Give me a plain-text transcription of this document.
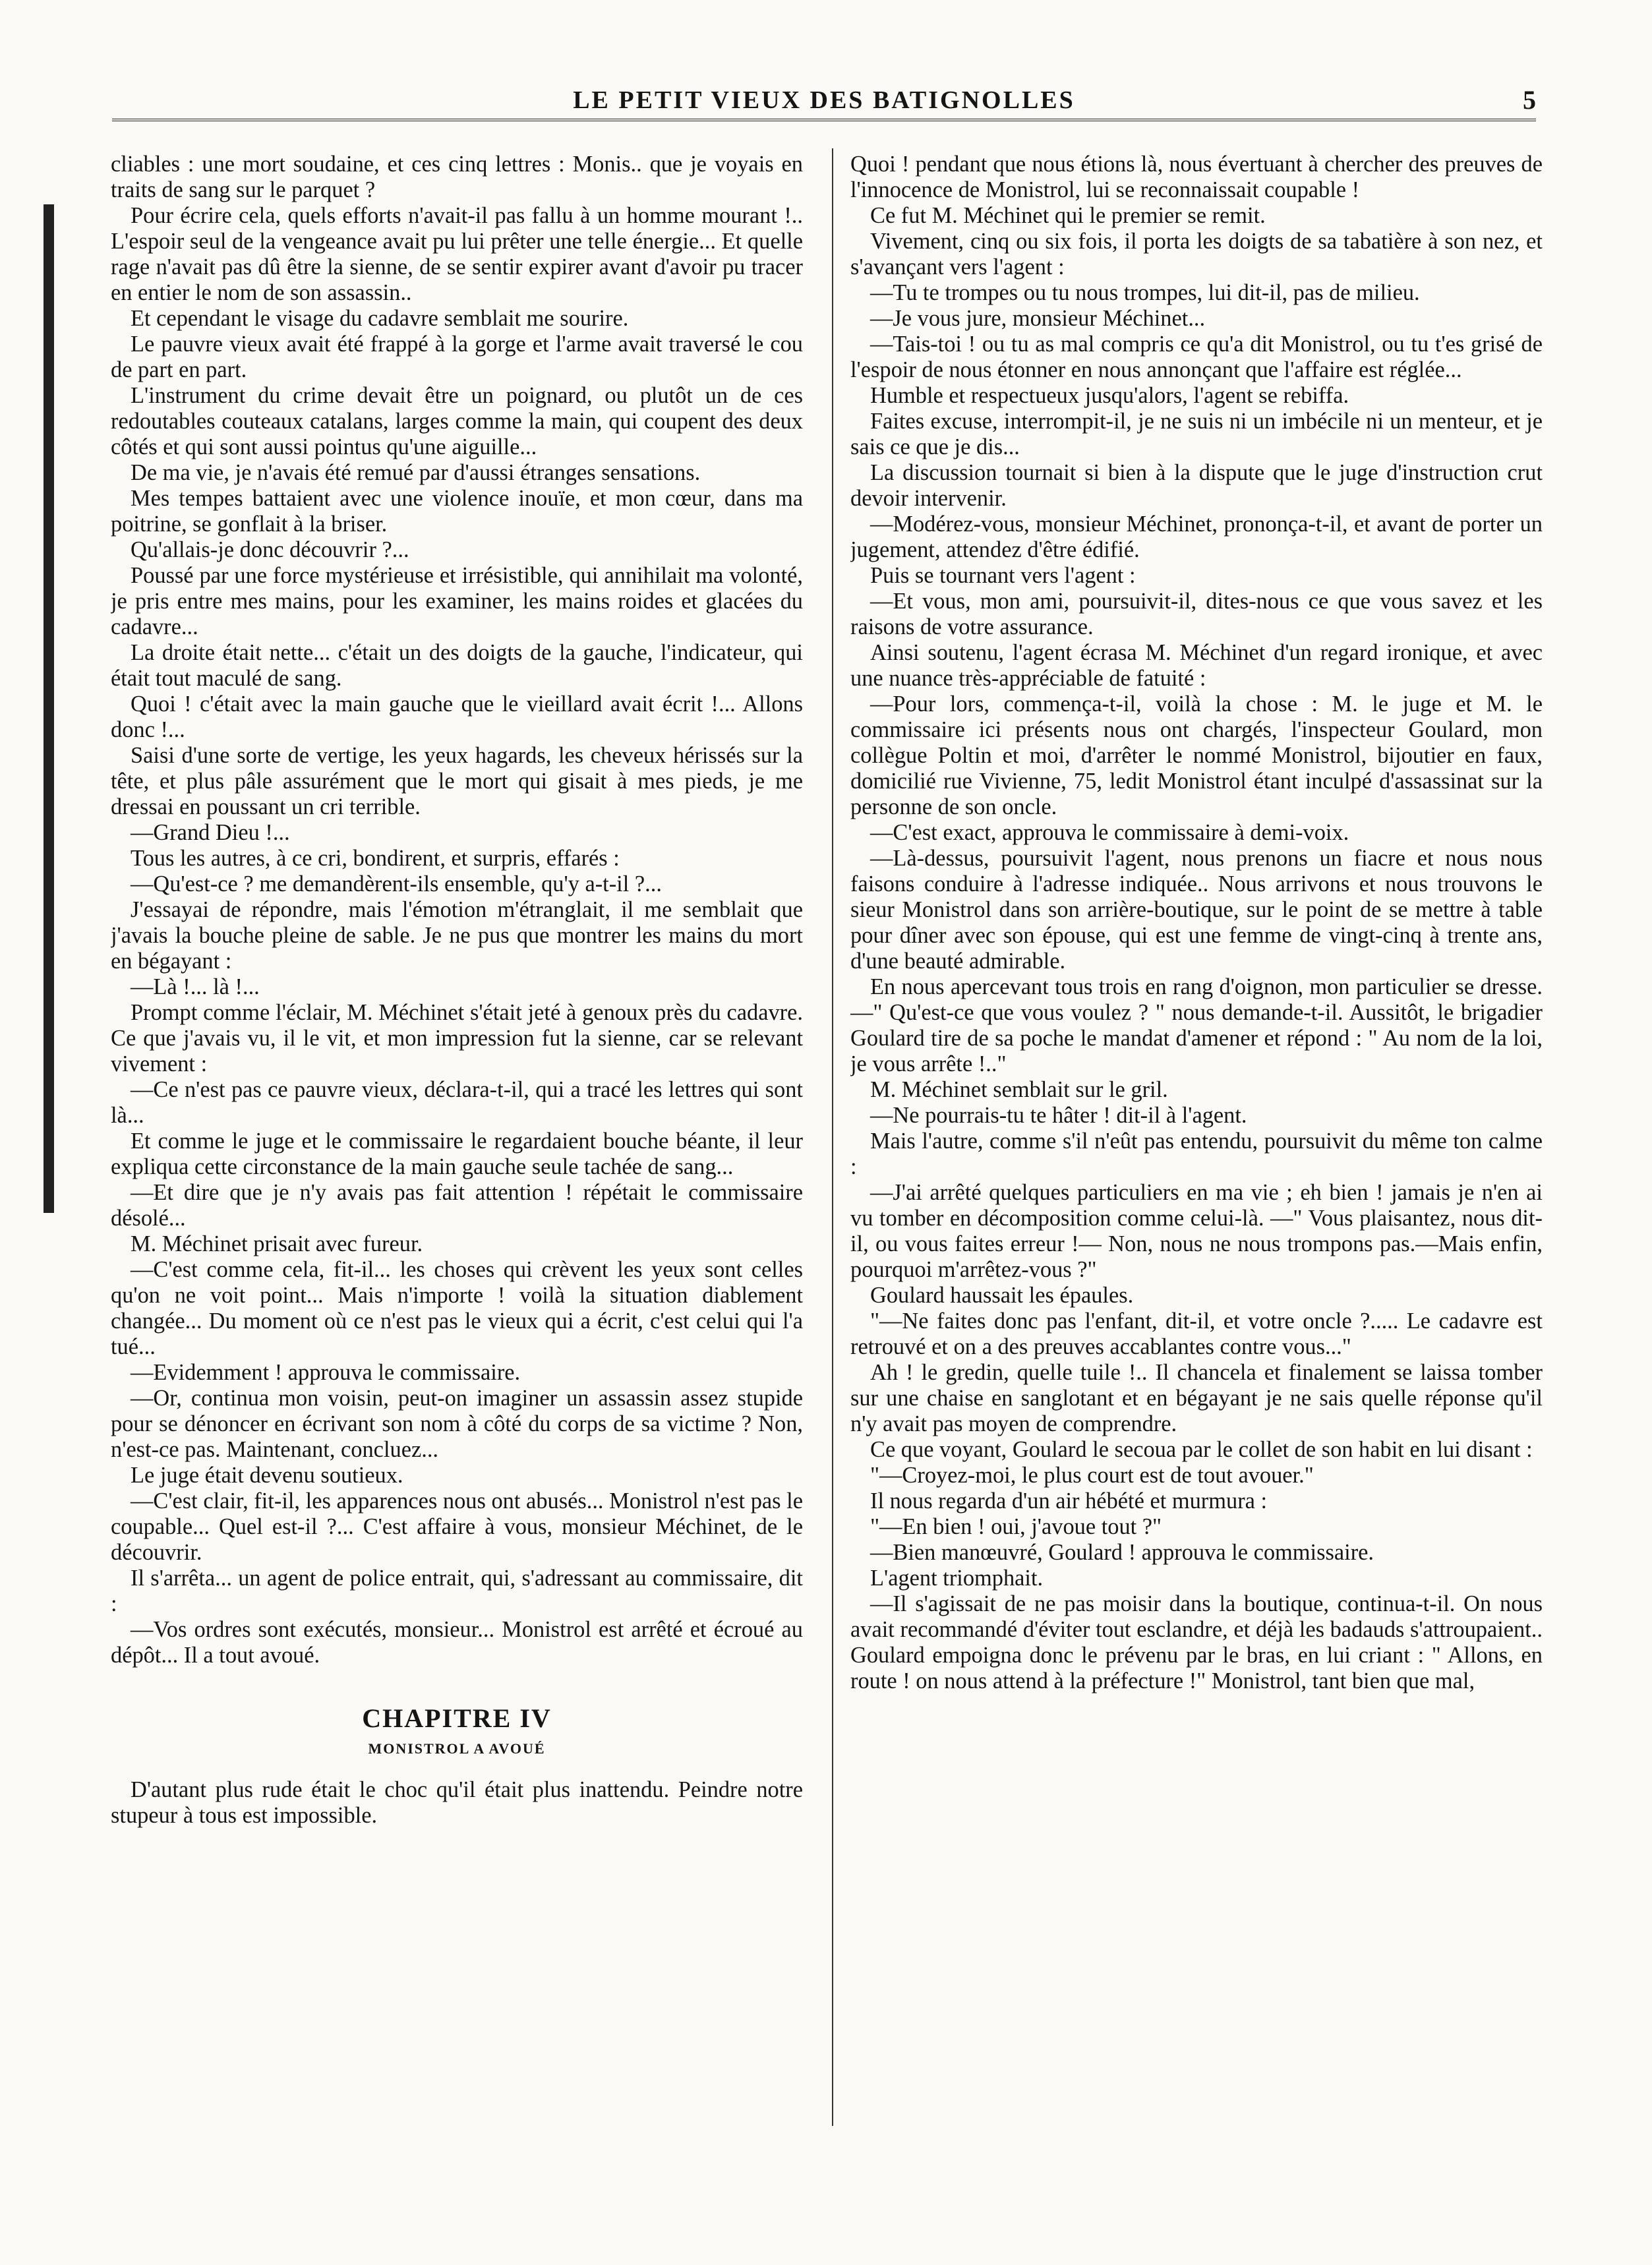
LE PETIT VIEUX DES BATIGNOLLES	5

cliables : une mort soudaine, et ces cinq lettres : Monis.. que je voyais en traits de sang sur le parquet ?

Pour écrire cela, quels efforts n'avait-il pas fallu à un homme mourant !.. L'espoir seul de la vengeance avait pu lui prêter une telle énergie... Et quelle rage n'avait pas dû être la sienne, de se sentir expirer avant d'avoir pu tracer en entier le nom de son assassin..

Et cependant le visage du cadavre semblait me sourire.

Le pauvre vieux avait été frappé à la gorge et l'arme avait traversé le cou de part en part.

L'instrument du crime devait être un poignard, ou plutôt un de ces redoutables couteaux catalans, larges comme la main, qui coupent des deux côtés et qui sont aussi pointus qu'une aiguille...

De ma vie, je n'avais été remué par d'aussi étranges sensations.

Mes tempes battaient avec une violence inouïe, et mon cœur, dans ma poitrine, se gonflait à la briser.

Qu'allais-je donc découvrir ?...

Poussé par une force mystérieuse et irrésistible, qui annihilait ma volonté, je pris entre mes mains, pour les examiner, les mains roides et glacées du cadavre...

La droite était nette... c'était un des doigts de la gauche, l'indicateur, qui était tout maculé de sang.

Quoi ! c'était avec la main gauche que le vieillard avait écrit !... Allons donc !...

Saisi d'une sorte de vertige, les yeux hagards, les cheveux hérissés sur la tête, et plus pâle assurément que le mort qui gisait à mes pieds, je me dressai en poussant un cri terrible.

—Grand Dieu !...

Tous les autres, à ce cri, bondirent, et surpris, effarés :

—Qu'est-ce ? me demandèrent-ils ensemble, qu'y a-t-il ?...

J'essayai de répondre, mais l'émotion m'étranglait, il me semblait que j'avais la bouche pleine de sable. Je ne pus que montrer les mains du mort en bégayant :

—Là !... là !...

Prompt comme l'éclair, M. Méchinet s'était jeté à genoux près du cadavre. Ce que j'avais vu, il le vit, et mon impression fut la sienne, car se relevant vivement :

—Ce n'est pas ce pauvre vieux, déclara-t-il, qui a tracé les lettres qui sont là...

Et comme le juge et le commissaire le regardaient bouche béante, il leur expliqua cette circonstance de la main gauche seule tachée de sang...

—Et dire que je n'y avais pas fait attention ! répétait le commissaire désolé...

M. Méchinet prisait avec fureur.

—C'est comme cela, fit-il... les choses qui crèvent les yeux sont celles qu'on ne voit point... Mais n'importe ! voilà la situation diablement changée... Du moment où ce n'est pas le vieux qui a écrit, c'est celui qui l'a tué...

—Evidemment ! approuva le commissaire.

—Or, continua mon voisin, peut-on imaginer un assassin assez stupide pour se dénoncer en écrivant son nom à côté du corps de sa victime ? Non, n'est-ce pas. Maintenant, concluez...

Le juge était devenu soutieux.

—C'est clair, fit-il, les apparences nous ont abusés... Monistrol n'est pas le coupable... Quel est-il ?... C'est affaire à vous, monsieur Méchinet, de le découvrir.

Il s'arrêta... un agent de police entrait, qui, s'adressant au commissaire, dit :

—Vos ordres sont exécutés, monsieur... Monistrol est arrêté et écroué au dépôt... Il a tout avoué.

CHAPITRE IV
MONISTROL A AVOUÉ

D'autant plus rude était le choc qu'il était plus inattendu. Peindre notre stupeur à tous est impossible.

Quoi ! pendant que nous étions là, nous évertuant à chercher des preuves de l'innocence de Monistrol, lui se reconnaissait coupable !

Ce fut M. Méchinet qui le premier se remit.

Vivement, cinq ou six fois, il porta les doigts de sa tabatière à son nez, et s'avançant vers l'agent :

—Tu te trompes ou tu nous trompes, lui dit-il, pas de milieu.

—Je vous jure, monsieur Méchinet...

—Tais-toi ! ou tu as mal compris ce qu'a dit Monistrol, ou tu t'es grisé de l'espoir de nous étonner en nous annonçant que l'affaire est réglée...

Humble et respectueux jusqu'alors, l'agent se rebiffa.

Faites excuse, interrompit-il, je ne suis ni un imbécile ni un menteur, et je sais ce que je dis...

La discussion tournait si bien à la dispute que le juge d'instruction crut devoir intervenir.

—Modérez-vous, monsieur Méchinet, prononça-t-il, et avant de porter un jugement, attendez d'être édifié.

Puis se tournant vers l'agent :

—Et vous, mon ami, poursuivit-il, dites-nous ce que vous savez et les raisons de votre assurance.

Ainsi soutenu, l'agent écrasa M. Méchinet d'un regard ironique, et avec une nuance très-appréciable de fatuité :

—Pour lors, commença-t-il, voilà la chose : M. le juge et M. le commissaire ici présents nous ont chargés, l'inspecteur Goulard, mon collègue Poltin et moi, d'arrêter le nommé Monistrol, bijoutier en faux, domicilié rue Vivienne, 75, ledit Monistrol étant inculpé d'assassinat sur la personne de son oncle.

—C'est exact, approuva le commissaire à demi-voix.

—Là-dessus, poursuivit l'agent, nous prenons un fiacre et nous nous faisons conduire à l'adresse indiquée.. Nous arrivons et nous trouvons le sieur Monistrol dans son arrière-boutique, sur le point de se mettre à table pour dîner avec son épouse, qui est une femme de vingt-cinq à trente ans, d'une beauté admirable.

En nous apercevant tous trois en rang d'oignon, mon particulier se dresse.—" Qu'est-ce que vous voulez ? " nous demande-t-il. Aussitôt, le brigadier Goulard tire de sa poche le mandat d'amener et répond : " Au nom de la loi, je vous arrête !.."

M. Méchinet semblait sur le gril.

—Ne pourrais-tu te hâter ! dit-il à l'agent.

Mais l'autre, comme s'il n'eût pas entendu, poursuivit du même ton calme :

—J'ai arrêté quelques particuliers en ma vie ; eh bien ! jamais je n'en ai vu tomber en décomposition comme celui-là. —" Vous plaisantez, nous dit-il, ou vous faites erreur !— Non, nous ne nous trompons pas.—Mais enfin, pourquoi m'arrêtez-vous ?"

Goulard haussait les épaules.

"—Ne faites donc pas l'enfant, dit-il, et votre oncle ?..... Le cadavre est retrouvé et on a des preuves accablantes contre vous..."

Ah ! le gredin, quelle tuile !.. Il chancela et finalement se laissa tomber sur une chaise en sanglotant et en bégayant je ne sais quelle réponse qu'il n'y avait pas moyen de comprendre.

Ce que voyant, Goulard le secoua par le collet de son habit en lui disant :

"—Croyez-moi, le plus court est de tout avouer."

Il nous regarda d'un air hébété et murmura :

"—En bien ! oui, j'avoue tout ?"

—Bien manœuvré, Goulard ! approuva le commissaire.

L'agent triomphait.

—Il s'agissait de ne pas moisir dans la boutique, continua-t-il. On nous avait recommandé d'éviter tout esclandre, et déjà les badauds s'attroupaient.. Goulard empoigna donc le prévenu par le bras, en lui criant : " Allons, en route ! on nous attend à la préfecture !" Monistrol, tant bien que mal,
